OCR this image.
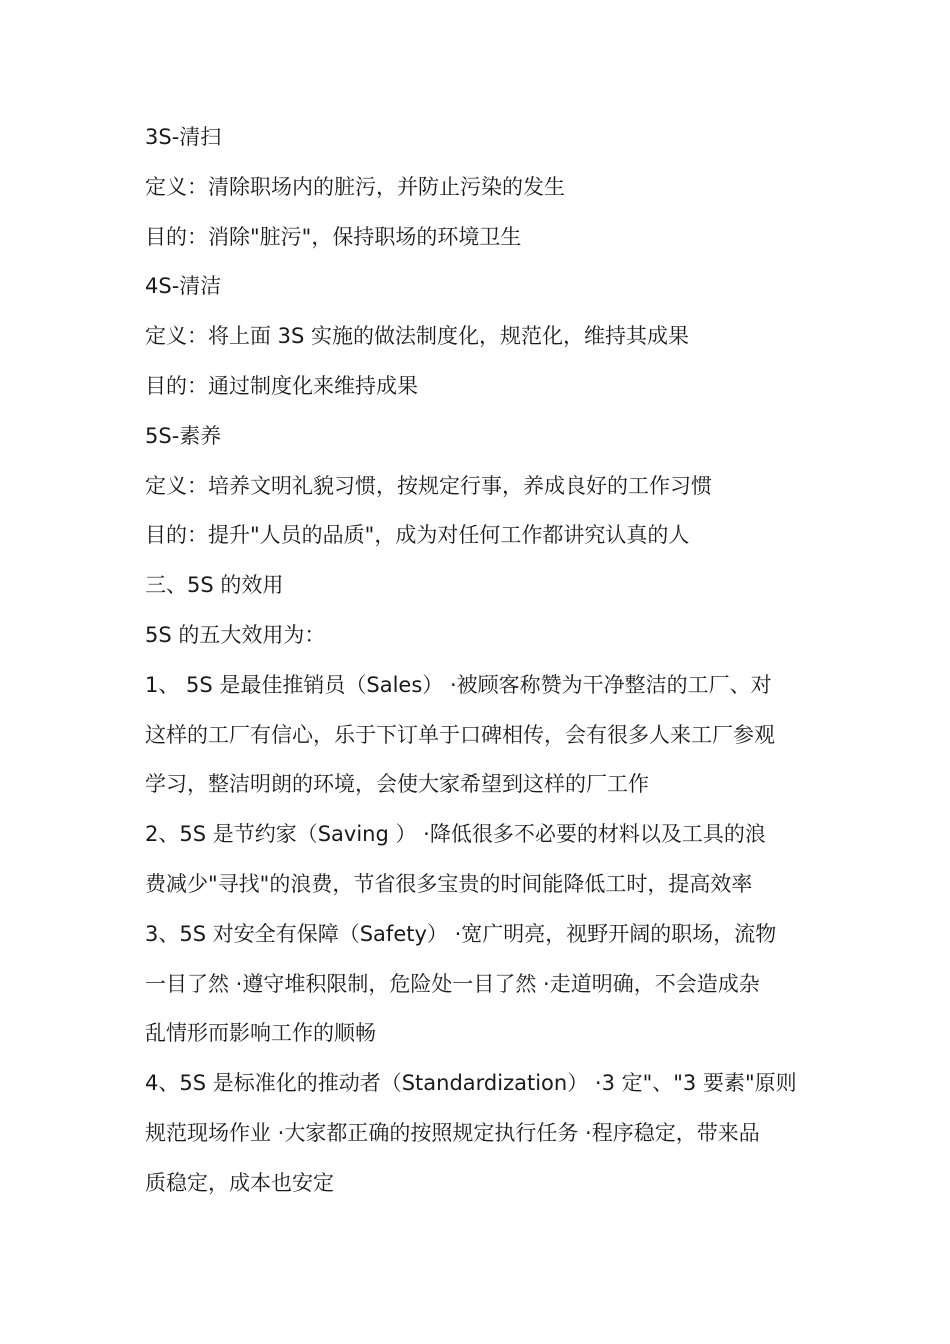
3S-清扫
定义：清除职场内的脏污，并防止污染的发生
目的：消除"脏污"，保持职场的环境卫生
4S-清洁
定义：将上面 3S 实施的做法制度化，规范化，维持其成果
目的：通过制度化来维持成果
5S-素养
定义：培养文明礼貌习惯，按规定行事，养成良好的工作习惯
目的：提升"人员的品质"，成为对任何工作都讲究认真的人
三、5S 的效用
5S 的五大效用为：
1、 5S 是最佳推销员（Sales） ·被顾客称赞为干净整洁的工厂、对
这样的工厂有信心，乐于下订单于口碑相传，会有很多人来工厂参观
学习，整洁明朗的环境，会使大家希望到这样的厂工作
2、5S 是节约家（Saving ） ·降低很多不必要的材料以及工具的浪
费减少"寻找"的浪费，节省很多宝贵的时间能降低工时，提高效率
3、5S 对安全有保障（Safety） ·宽广明亮，视野开阔的职场，流物
一目了然 ·遵守堆积限制，危险处一目了然 ·走道明确，不会造成杂
乱情形而影响工作的顺畅
4、5S 是标准化的推动者（Standardization） ·3 定"、"3 要素"原则
规范现场作业 ·大家都正确的按照规定执行任务 ·程序稳定，带来品
质稳定，成本也安定
